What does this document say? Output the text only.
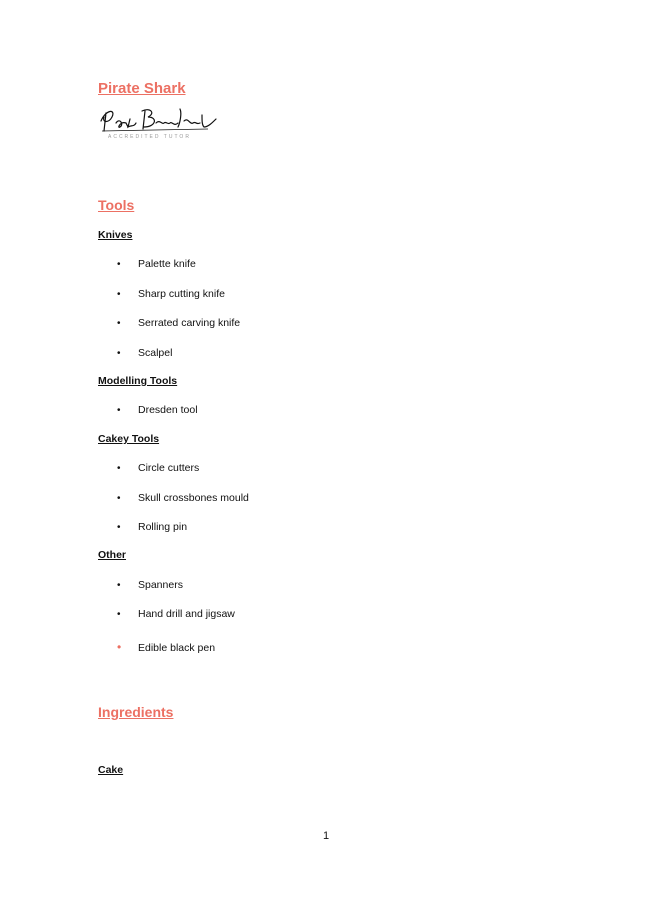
Pirate Shark
ACCREDITED TUTOR
Tools
Knives
• Palette knife
• Sharp cutting knife
• Serrated carving knife
• Scalpel
Modelling Tools
• Dresden tool
Cakey Tools
• Circle cutters
• Skull crossbones mould
• Rolling pin
Other
• Spanners
• Hand drill and jigsaw
• Edible black pen
Ingredients
Cake
1
